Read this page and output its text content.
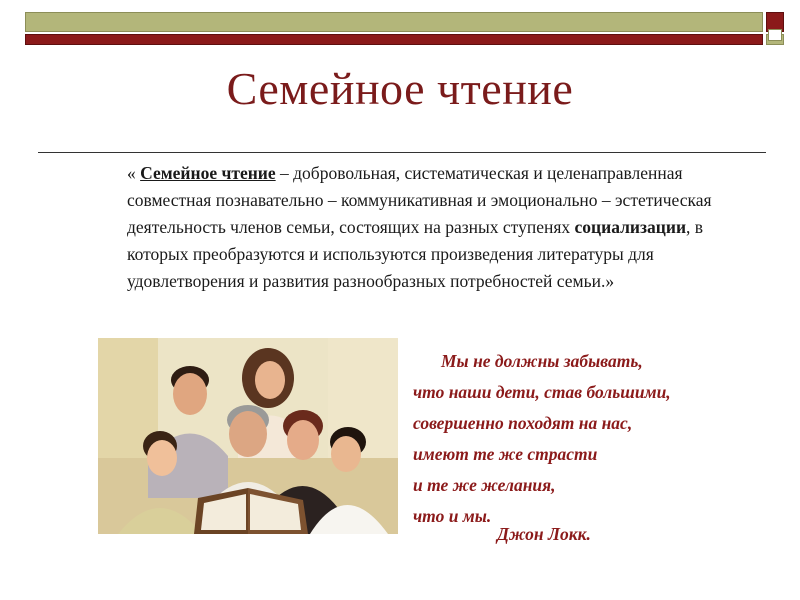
Семейное чтение
« Семейное чтение – добровольная, систематическая и целенаправленная совместная познавательно – коммуникативная и эмоционально – эстетическая деятельность членов семьи, состоящих на разных ступенях социализации, в которых преобразуются и используются произведения литературы для удовлетворения и развития разнообразных потребностей семьи.»
Мы не должны забывать,
что наши дети, став большими,
совершенно походят на нас,
имеют те же страсти
и те же желания,
что и мы.
Джон Локк.
